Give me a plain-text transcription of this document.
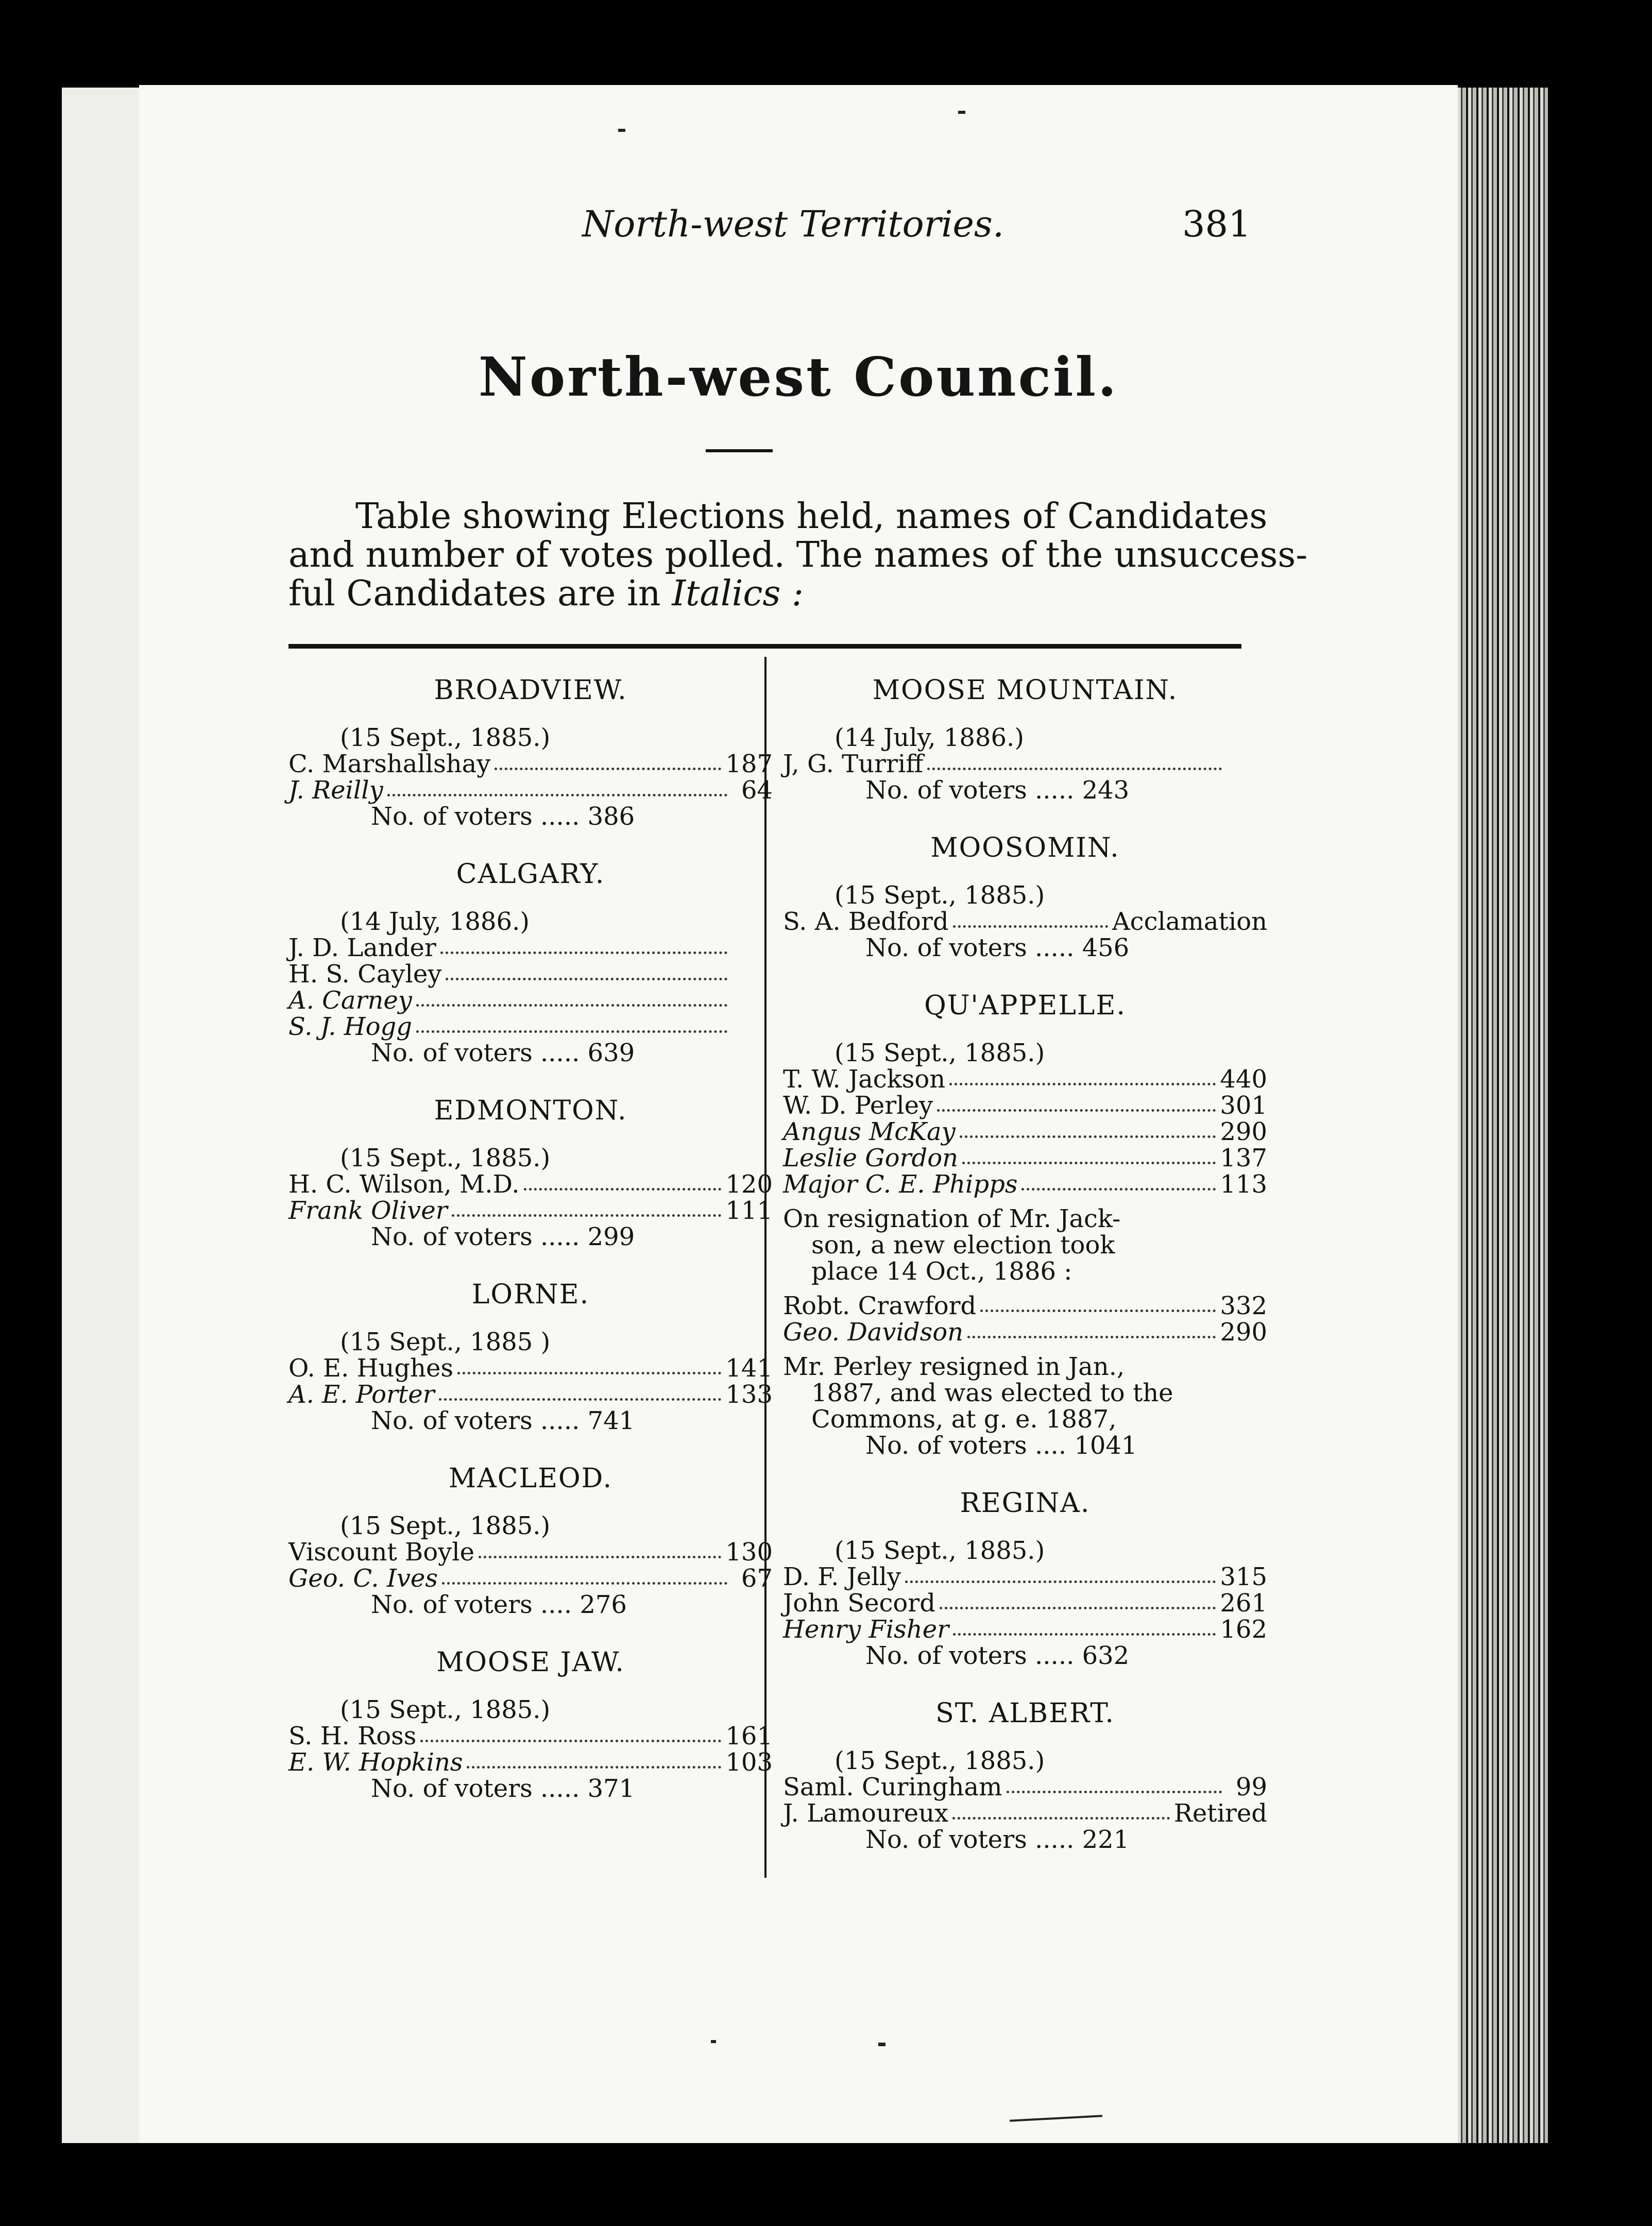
North-west Territories.	381
North-west Council.
Table showing Elections held, names of Candidates
and number of votes polled. The names of the unsuccess-
ful Candidates are in Italics :
BROADVIEW.
(15 Sept., 1885.)
C. Marshallshay	187
J. Reilly	64
No. of voters ..... 386
CALGARY.
(14 July, 1886.)
J. D. Lander
H. S. Cayley
A. Carney
S. J. Hogg
No. of voters ..... 639
EDMONTON.
(15 Sept., 1885.)
H. C. Wilson, M.D.	120
Frank Oliver	111
No. of voters ..... 299
LORNE.
(15 Sept., 1885 )
O. E. Hughes	141
A. E. Porter	133
No. of voters ..... 741
MACLEOD.
(15 Sept., 1885.)
Viscount Boyle	130
Geo. C. Ives	67
No. of voters .... 276
MOOSE JAW.
(15 Sept., 1885.)
S. H. Ross	161
E. W. Hopkins	103
No. of voters ..... 371
MOOSE MOUNTAIN.
(14 July, 1886.)
J, G. Turriff
No. of voters ..... 243
MOOSOMIN.
(15 Sept., 1885.)
S. A. Bedford	Acclamation
No. of voters ..... 456
QU'APPELLE.
(15 Sept., 1885.)
T. W. Jackson	440
W. D. Perley	301
Angus McKay	290
Leslie Gordon	137
Major C. E. Phipps	113
On resignation of Mr. Jack-
son, a new election took
place 14 Oct., 1886 :
Robt. Crawford	332
Geo. Davidson	290
Mr. Perley resigned in Jan.,
1887, and was elected to the
Commons, at g. e. 1887,
No. of voters .... 1041
REGINA.
(15 Sept., 1885.)
D. F. Jelly	315
John Secord	261
Henry Fisher	162
No. of voters ..... 632
ST. ALBERT.
(15 Sept., 1885.)
Saml. Curingham	99
J. Lamoureux	Retired
No. of voters ..... 221
